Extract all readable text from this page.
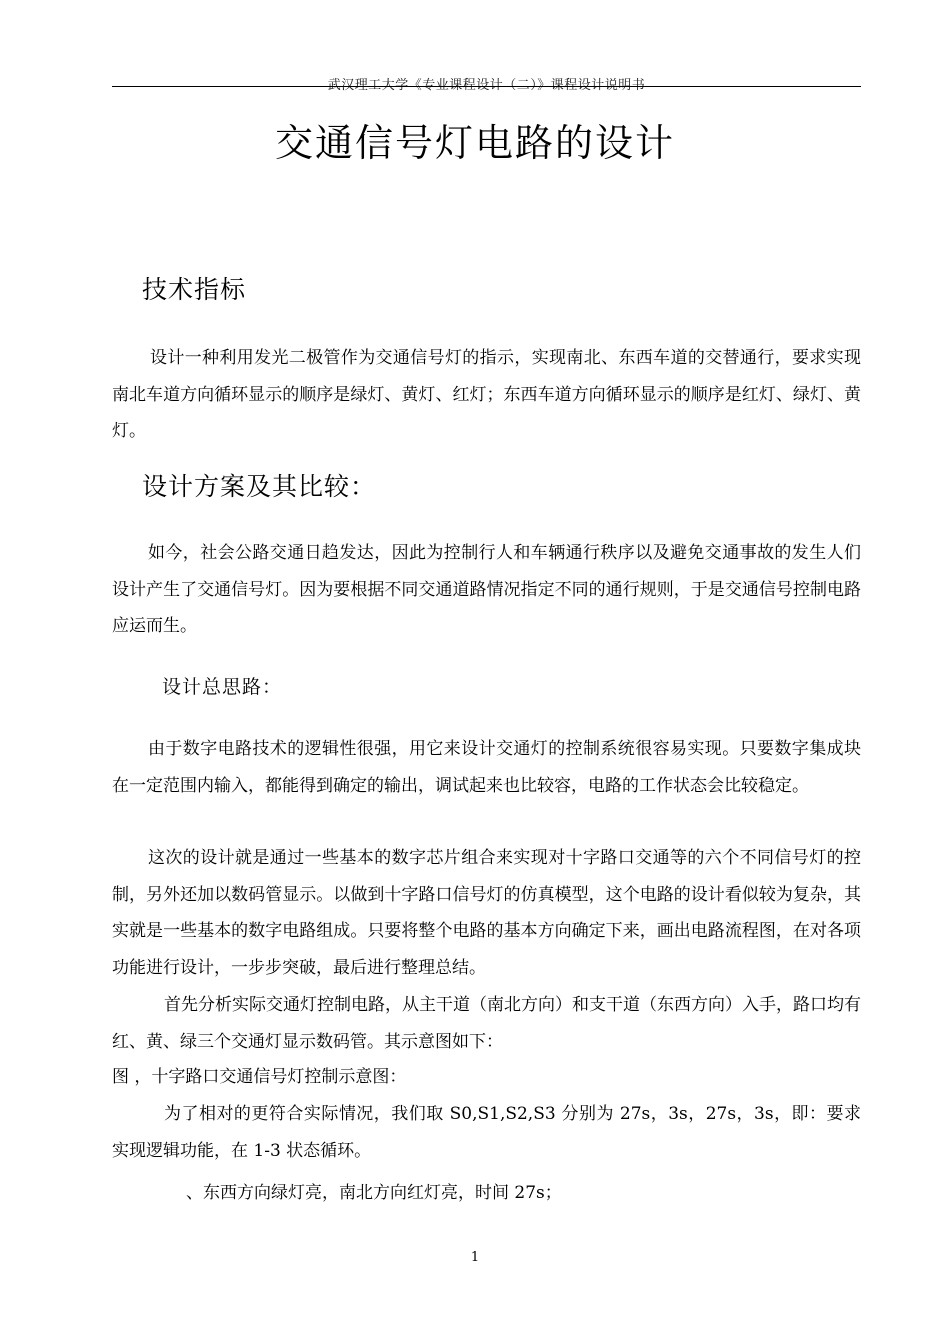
武汉理工大学《专业课程设计（二）》课程设计说明书
交通信号灯电路的设计
技术指标
设计一种利用发光二极管作为交通信号灯的指示，实现南北、东西车道的交替通行，要求实现南北车道方向循环显示的顺序是绿灯、黄灯、红灯；东西车道方向循环显示的顺序是红灯、绿灯、黄灯。
设计方案及其比较：
如今，社会公路交通日趋发达，因此为控制行人和车辆通行秩序以及避免交通事故的发生人们设计产生了交通信号灯。因为要根据不同交通道路情况指定不同的通行规则，于是交通信号控制电路应运而生。
设计总思路：
由于数字电路技术的逻辑性很强，用它来设计交通灯的控制系统很容易实现。只要数字集成块在一定范围内输入，都能得到确定的输出，调试起来也比较容，电路的工作状态会比较稳定。
这次的设计就是通过一些基本的数字芯片组合来实现对十字路口交通等的六个不同信号灯的控制，另外还加以数码管显示。以做到十字路口信号灯的仿真模型，这个电路的设计看似较为复杂，其实就是一些基本的数字电路组成。只要将整个电路的基本方向确定下来，画出电路流程图，在对各项功能进行设计，一步步突破，最后进行整理总结。
首先分析实际交通灯控制电路，从主干道（南北方向）和支干道（东西方向）入手，路口均有红、黄、绿三个交通灯显示数码管。其示意图如下：
图 ，十字路口交通信号灯控制示意图：
为了相对的更符合实际情况，我们取 S0,S1,S2,S3 分别为 27s，3s，27s，3s，即：要求实现逻辑功能，在 1-3 状态循环。
、东西方向绿灯亮，南北方向红灯亮，时间 27s；
1
